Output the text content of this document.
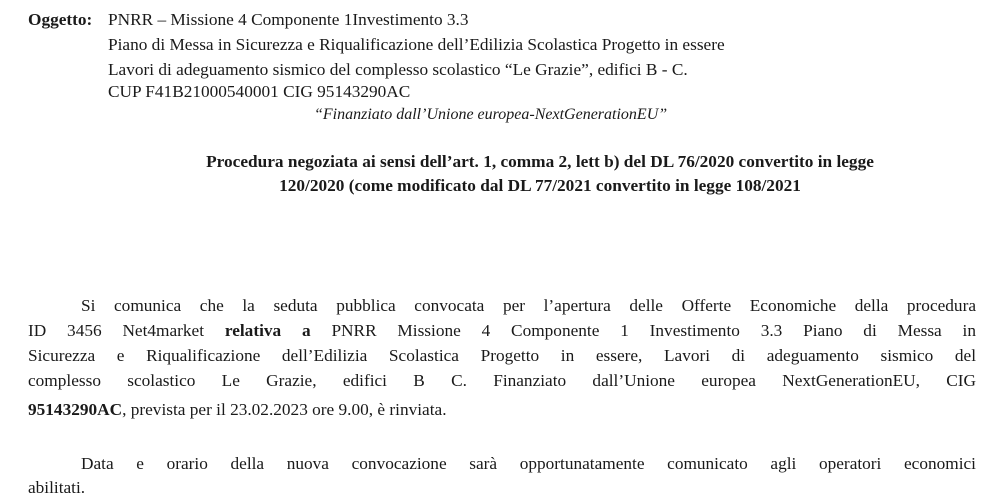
Oggetto: PNRR – Missione 4 Componente 1Investimento 3.3
Piano di Messa in Sicurezza e Riqualificazione dell’Edilizia Scolastica Progetto in essere
Lavori di adeguamento sismico del complesso scolastico “Le Grazie”, edifici B - C.
CUP F41B21000540001 CIG 95143290AC
“Finanziato dall’Unione europea-NextGenerationEU”
Procedura negoziata ai sensi dell’art. 1, comma 2, lett b) del DL 76/2020 convertito in legge
120/2020 (come modificato dal DL 77/2021 convertito in legge 108/2021
Si comunica che la seduta pubblica convocata per l’apertura delle Offerte Economiche della procedura
ID 3456 Net4market relativa a PNRR Missione 4 Componente 1 Investimento 3.3 Piano di Messa in
Sicurezza e Riqualificazione dell’Edilizia Scolastica Progetto in essere, Lavori di adeguamento sismico del
complesso scolastico Le Grazie, edifici B C. Finanziato dall’Unione europea NextGenerationEU, CIG
95143290AC, prevista per il 23.02.2023 ore 9.00, è rinviata.
Data e orario della nuova convocazione sarà opportunatamente comunicato agli operatori economici
abilitati.
